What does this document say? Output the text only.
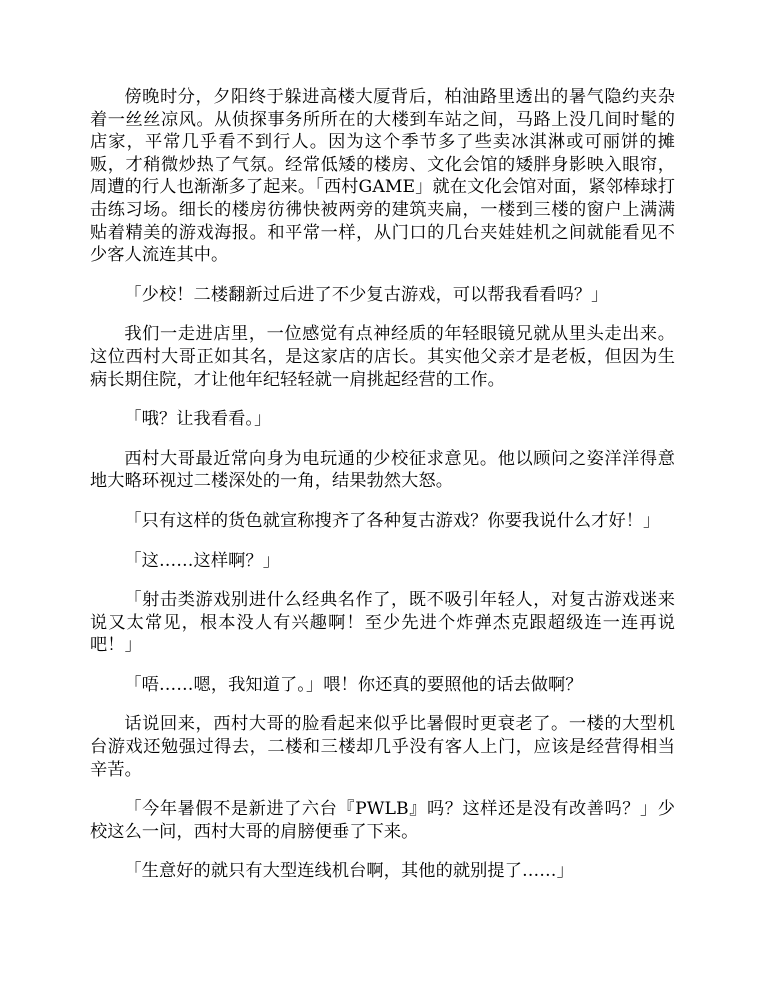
傍晚时分，夕阳终于躲进高楼大厦背后，柏油路里透出的暑气隐约夹杂着一丝丝凉风。从侦探事务所所在的大楼到车站之间，马路上没几间时髦的店家，平常几乎看不到行人。因为这个季节多了些卖冰淇淋或可丽饼的摊贩，才稍微炒热了气氛。经常低矮的楼房、文化会馆的矮胖身影映入眼帘，周遭的行人也渐渐多了起来。「西村GAME」就在文化会馆对面，紧邻棒球打击练习场。细长的楼房彷彿快被两旁的建筑夹扁，一楼到三楼的窗户上满满贴着精美的游戏海报。和平常一样，从门口的几台夹娃娃机之间就能看见不少客人流连其中。

「少校！二楼翻新过后进了不少复古游戏，可以帮我看看吗？」

我们一走进店里，一位感觉有点神经质的年轻眼镜兄就从里头走出来。这位西村大哥正如其名，是这家店的店长。其实他父亲才是老板，但因为生病长期住院，才让他年纪轻轻就一肩挑起经营的工作。

「哦？让我看看。」

西村大哥最近常向身为电玩通的少校征求意见。他以顾问之姿洋洋得意地大略环视过二楼深处的一角，结果勃然大怒。

「只有这样的货色就宣称搜齐了各种复古游戏？你要我说什么才好！」

「这……这样啊？」

「射击类游戏别进什么经典名作了，既不吸引年轻人，对复古游戏迷来说又太常见，根本没人有兴趣啊！至少先进个炸弹杰克跟超级连一连再说吧！」

「唔……嗯，我知道了。」喂！你还真的要照他的话去做啊？

话说回来，西村大哥的脸看起来似乎比暑假时更衰老了。一楼的大型机台游戏还勉强过得去，二楼和三楼却几乎没有客人上门，应该是经营得相当辛苦。

「今年暑假不是新进了六台『PWLB』吗？这样还是没有改善吗？」少校这么一问，西村大哥的肩膀便垂了下来。

「生意好的就只有大型连线机台啊，其他的就别提了……」
